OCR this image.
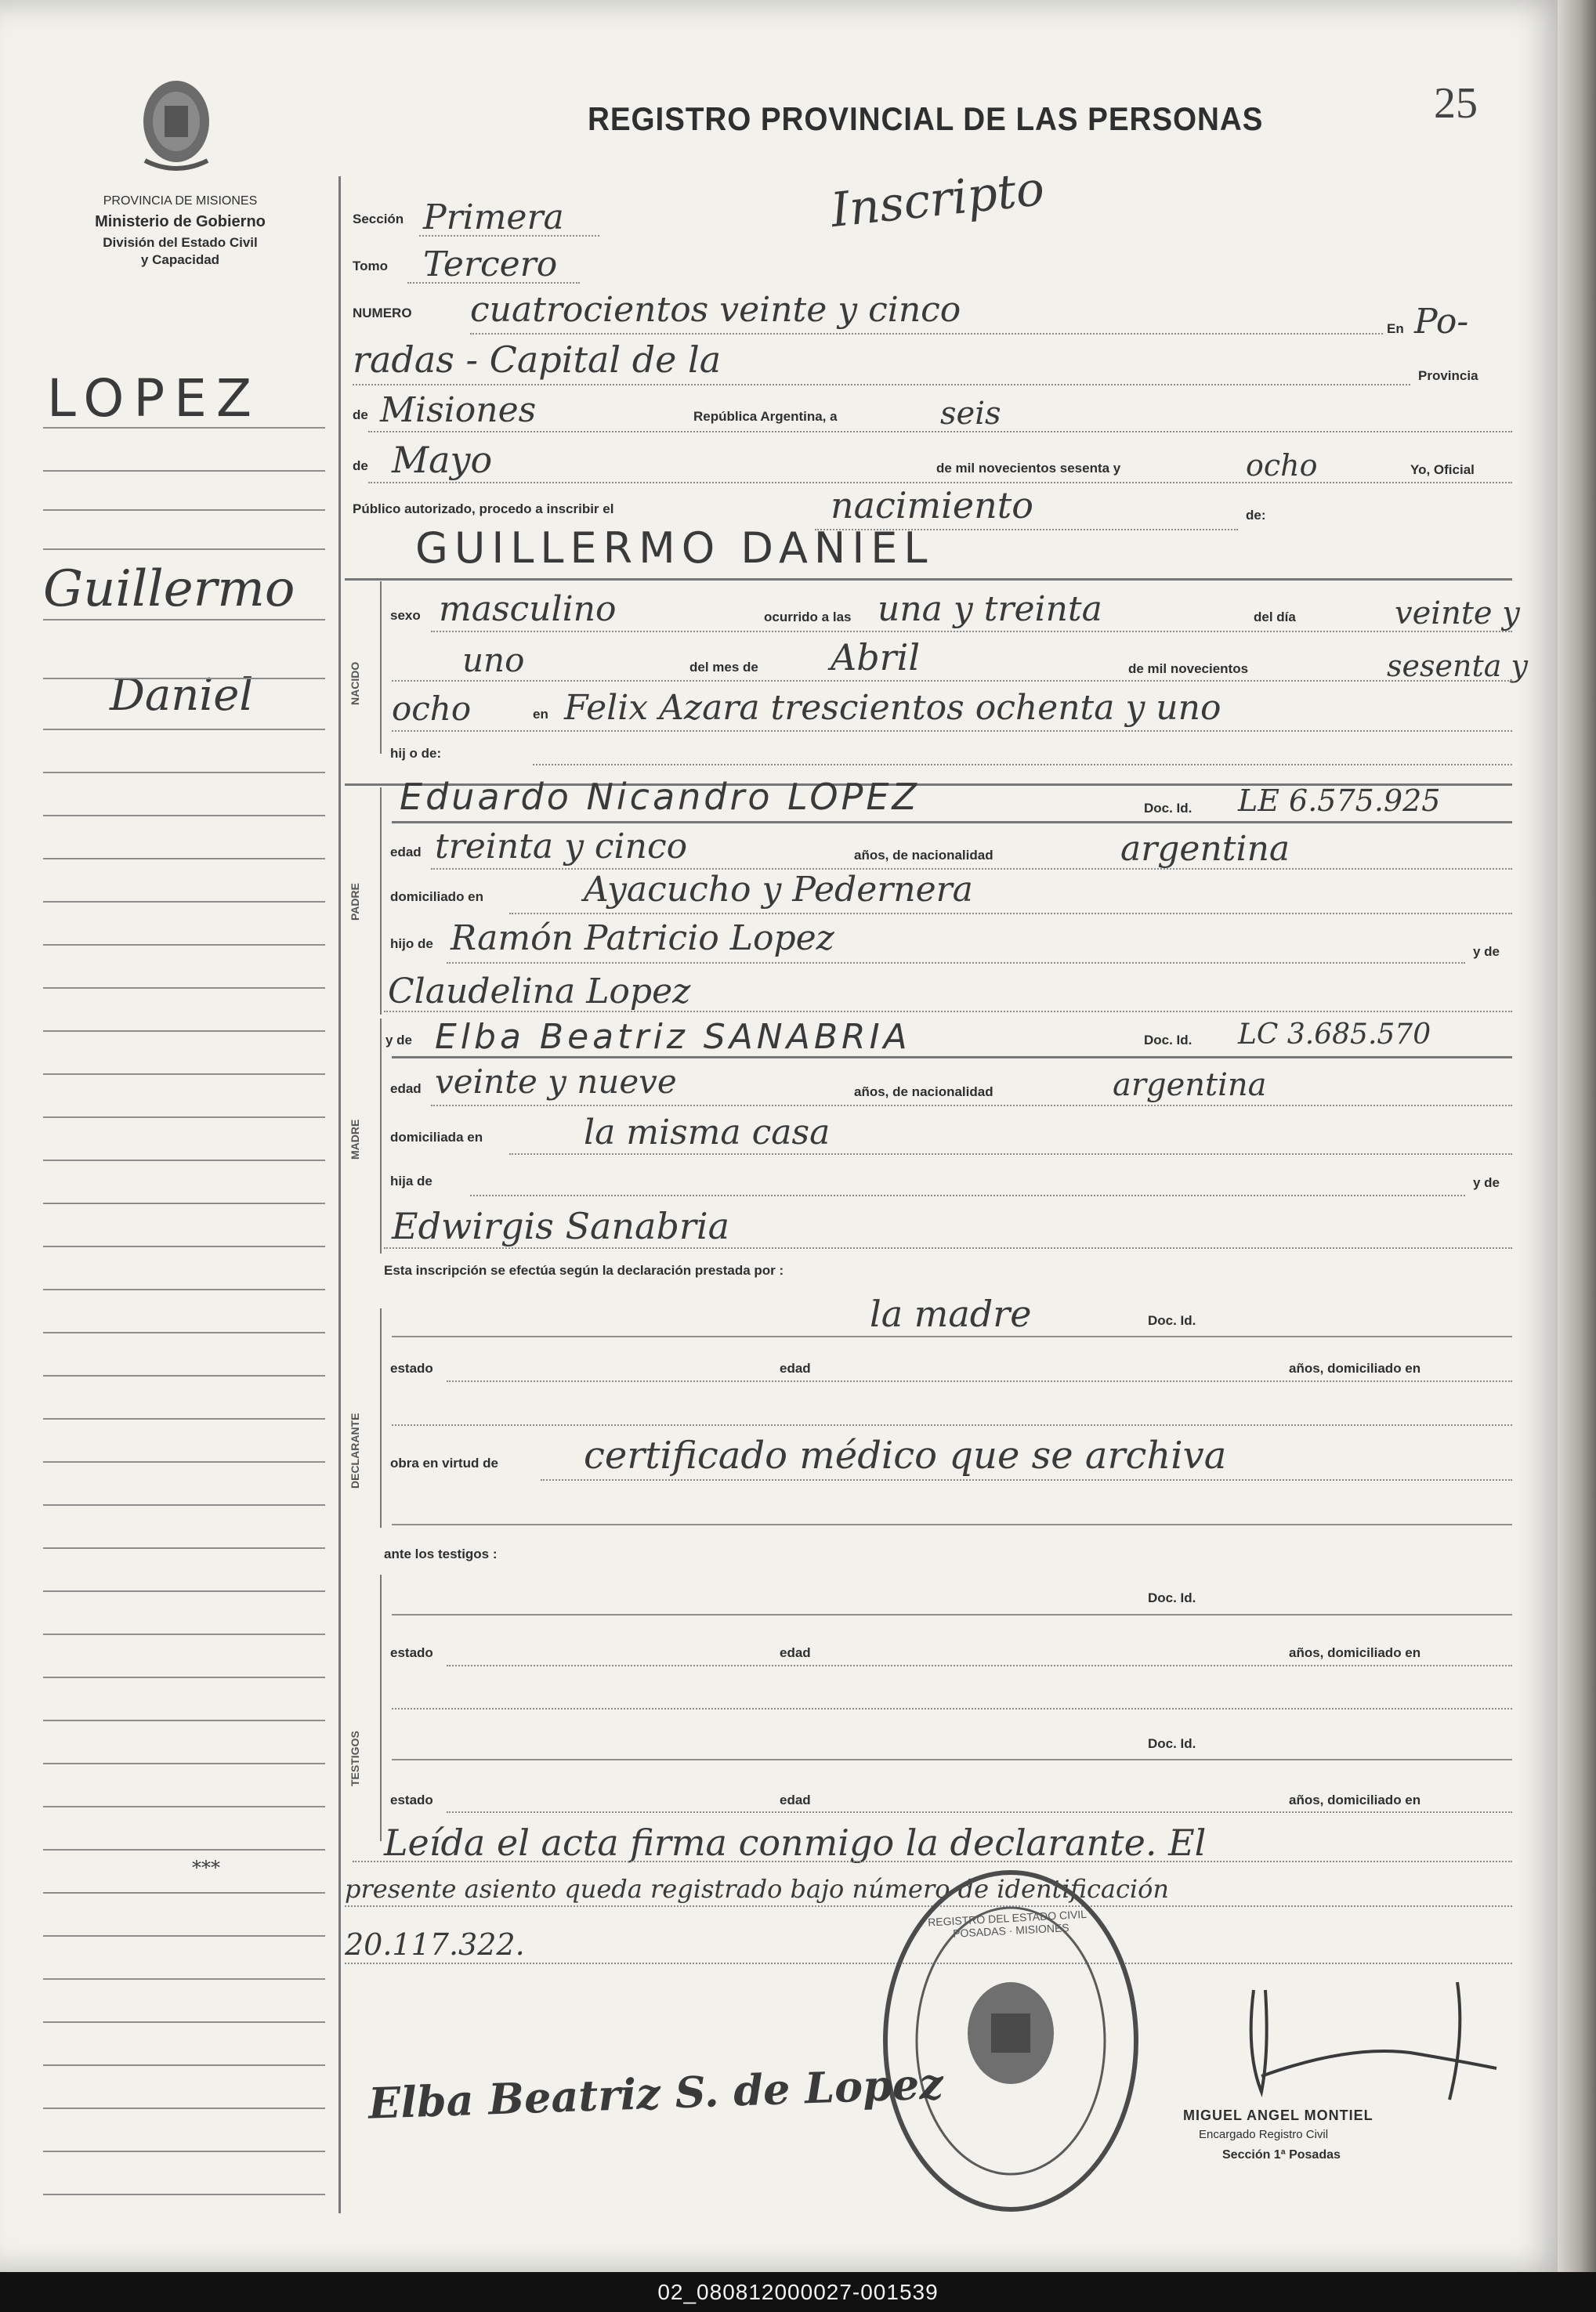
PROVINCIA DE MISIONES
Ministerio de Gobierno
División del Estado Civil
y Capacidad
REGISTRO PROVINCIAL DE LAS PERSONAS	25
Inscripto
LOPEZ
Guillermo
Daniel
***
Sección Primera
Tomo Tercero
NUMERO cuatrocientos veinte y cinco	En Po-
radas - Capital de la	Provincia
de Misiones	República Argentina, a	seis
de Mayo	de mil novecientos sesenta y	ocho	Yo, Oficial
Público autorizado, procedo a inscribir el	nacimiento	de:
GUILLERMO DANIEL
NACIDO
sexo masculino	ocurrido a las una y treinta	del día	veinte y
uno	del mes de Abril	de mil novecientos	sesenta y
ocho	en Felix Azara trescientos ochenta y uno
hij o de:
PADRE
Eduardo Nicandro LOPEZ	Doc. Id. LE 6.575.925
edad treinta y cinco	años, de nacionalidad	argentina
domiciliado en	Ayacucho y Pedernera
hijo de Ramón Patricio Lopez	y de
Claudelina Lopez
MADRE
y de Elba Beatriz SANABRIA	Doc. Id. LC 3.685.570
edad veinte y nueve	años, de nacionalidad	argentina
domiciliada en	la misma casa
hija de	y de
Edwirgis Sanabria
Esta inscripción se efectúa según la declaración prestada por :
la madre	Doc. Id.
DECLARANTE
estado	edad	años, domiciliado en
obra en virtud de certificado médico que se archiva
ante los testigos :
TESTIGOS
Doc. Id.
estado	edad	años, domiciliado en
Doc. Id.
estado	edad	años, domiciliado en
Leída el acta firma conmigo la declarante. El
presente asiento queda registrado bajo número de identificación
20.117.322.
REGISTRO DEL ESTADO CIVIL · POSADAS · MISIONES
Elba Beatriz S. de Lopez	MIGUEL ANGEL MONTIEL
Encargado Registro Civil
Sección 1ª Posadas
02_080812000027-001539
